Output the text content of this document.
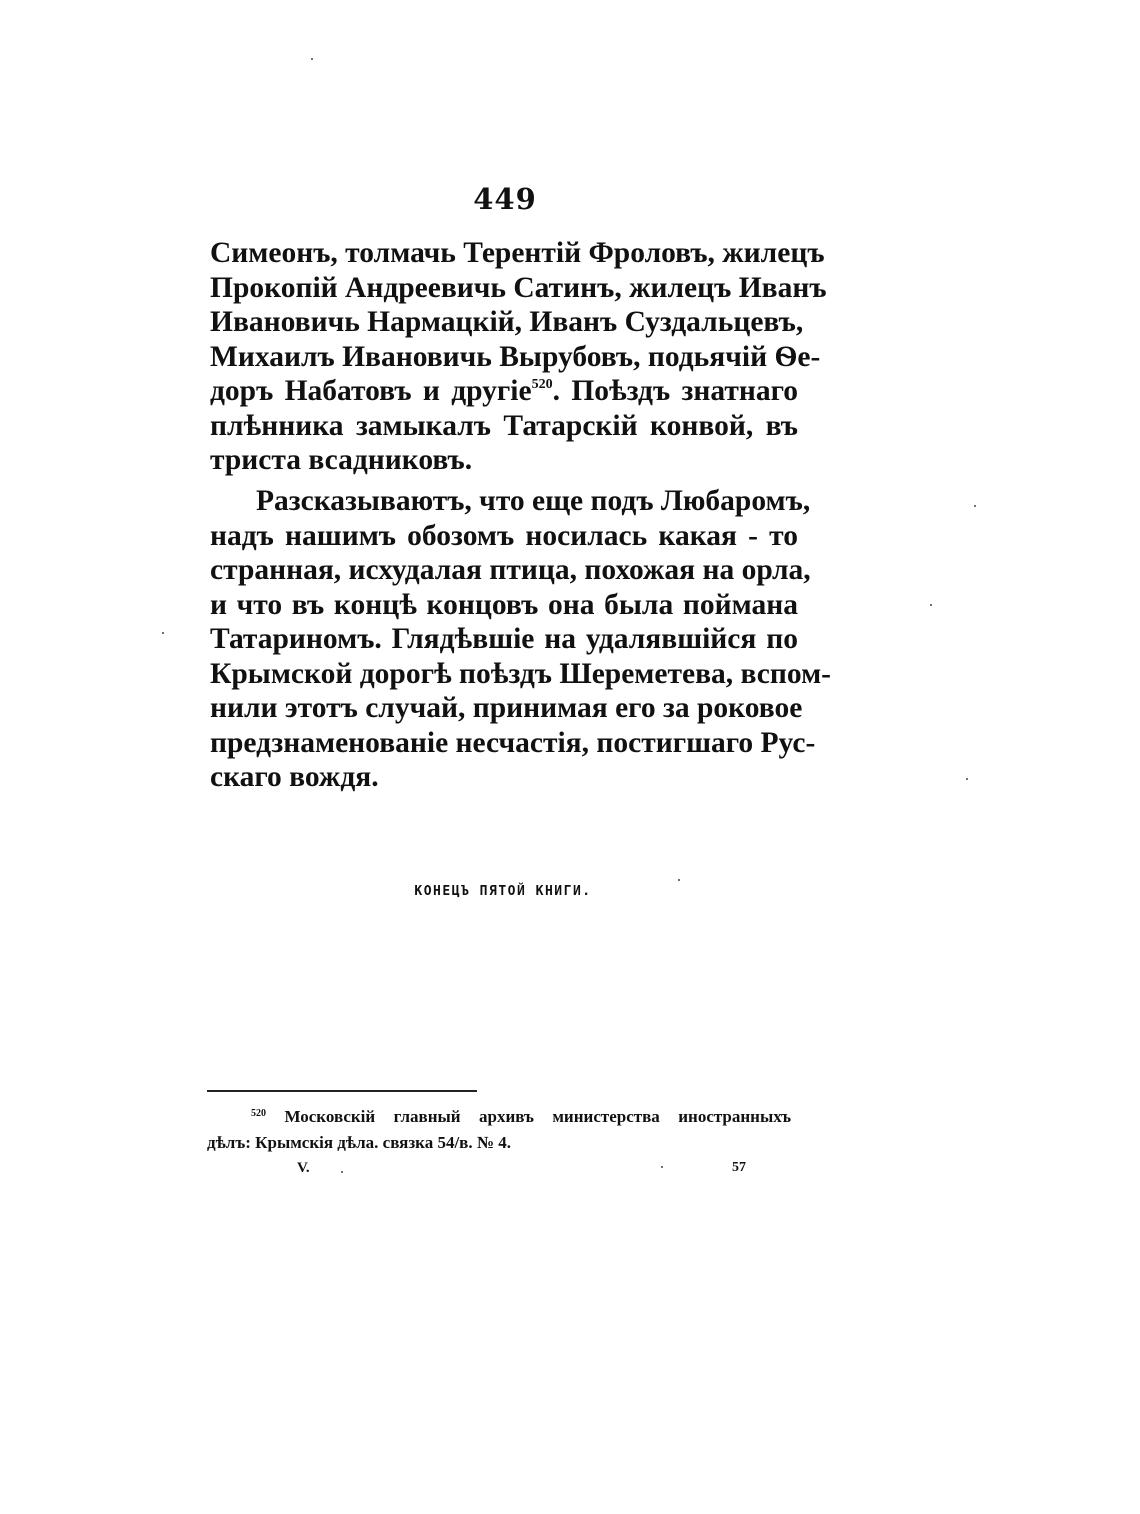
449
Симеонъ, толмачь Терентій Фроловъ, жилецъ
Прокопій Андреевичь Сатинъ, жилецъ Иванъ
Ивановичь Нармацкій, Иванъ Суздальцевъ,
Михаилъ Ивановичь Вырубовъ, подьячій Ѳе-
доръ Набатовъ и другіе$^{520}$. Поѣздъ знатнаго
плѣнника замыкалъ Татарскій конвой, въ
триста всадниковъ.
Разсказываютъ, что еще подъ Любаромъ,
надъ нашимъ обозомъ носилась какая - то
странная, исхудалая птица, похожая на орла,
и что въ концѣ концовъ она была поймана
Татариномъ. Глядѣвшіе на удалявшійся по
Крымской дорогѣ поѣздъ Шереметева, вспом-
нили этотъ случай, принимая его за роковое
предзнаменованіе несчастія, постигшаго Рус-
скаго вождя.
КОНЕЦЪ ПЯТОЙ КНИГИ.
$^{520}$ Московскій главный архивъ министерства иностранныхъ
дѣлъ: Крымскія дѣла. связка 54/в. № 4.
V.	57
